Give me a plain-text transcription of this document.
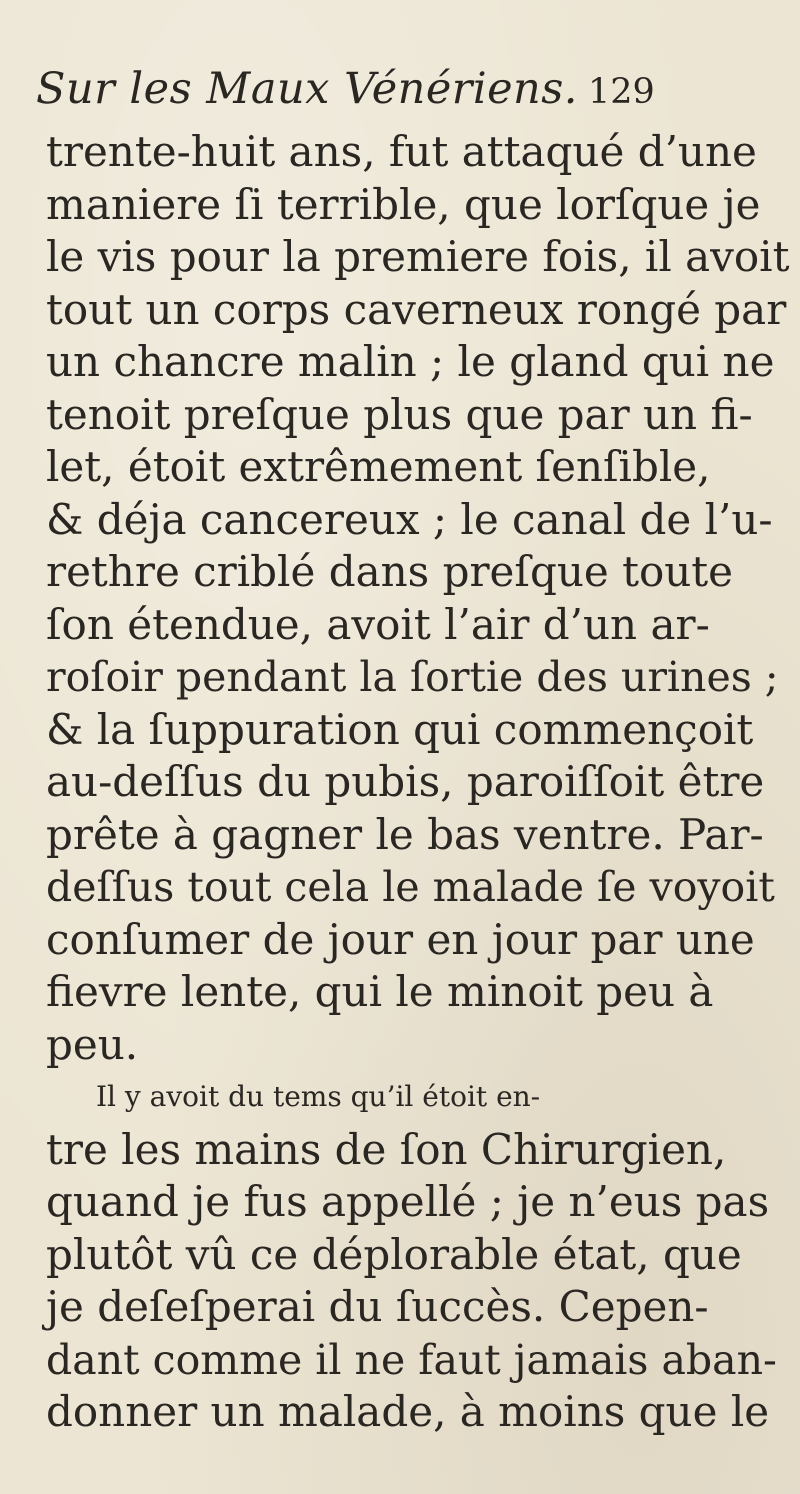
Sur les Maux Vénériens. 129
trente-huit ans, fut attaqué d’une
maniere ſi terrible, que lorſque je
le vis pour la premiere fois, il avoit
tout un corps caverneux rongé par
un chancre malin ; le gland qui ne
tenoit preſque plus que par un fi-
let, étoit extrêmement ſenſible,
& déja cancereux ; le canal de l’u-
rethre criblé dans preſque toute
ſon étendue, avoit l’air d’un ar-
roſoir pendant la ſortie des urines ;
& la ſuppuration qui commençoit
au-deſſus du pubis, paroiſſoit être
prête à gagner le bas ventre. Par-
deſſus tout cela le malade ſe voyoit
conſumer de jour en jour par une
fievre lente, qui le minoit peu à
peu.
Il y avoit du tems qu’il étoit en-
tre les mains de ſon Chirurgien,
quand je fus appellé ; je n’eus pas
plutôt vû ce déplorable état, que
je deſeſperai du ſuccès. Cepen-
dant comme il ne faut jamais aban-
donner un malade, à moins que le
